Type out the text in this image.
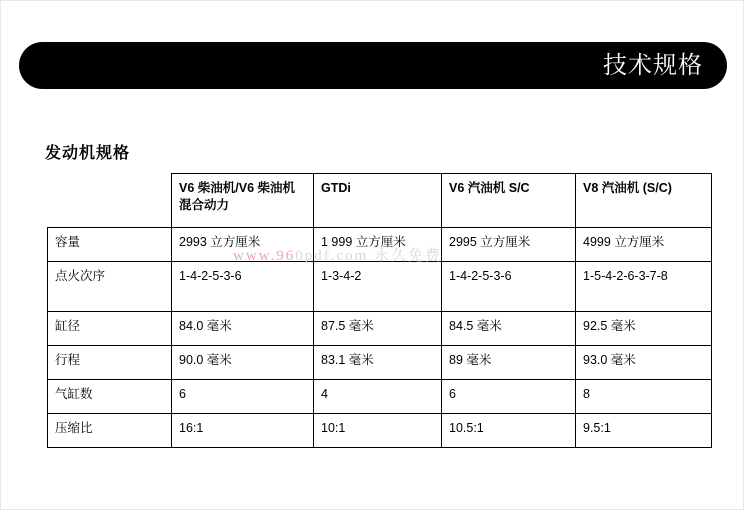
技术规格
发动机规格
	V6 柴油机/V6 柴油机混合动力	GTDi	V6 汽油机 S/C	V8 汽油机 (S/C)
容量	2993 立方厘米	1 999 立方厘米	2995 立方厘米	4999 立方厘米
点火次序	1-4-2-5-3-6	1-3-4-2	1-4-2-5-3-6	1-5-4-2-6-3-7-8
缸径	84.0 毫米	87.5 毫米	84.5 毫米	92.5 毫米
行程	90.0 毫米	83.1 毫米	89 毫米	93.0 毫米
气缸数	6	4	6	8
压缩比	16:1	10:1	10.5:1	9.5:1
www.960pdf.com 永久免费
